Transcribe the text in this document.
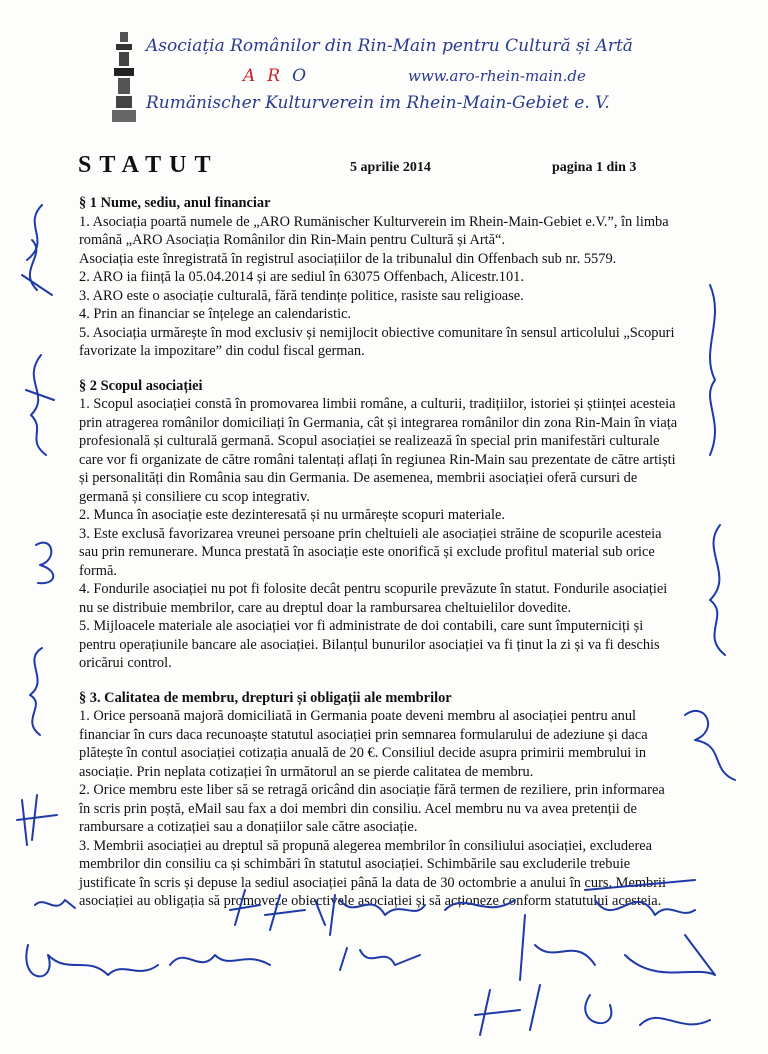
Asociația Românilor din Rin-Main pentru Cultură și Artă
ARO	www.aro-rhein-main.de
Rumänischer Kulturverein im Rhein-Main-Gebiet e. V.
STATUT	5 aprilie 2014	pagina 1 din 3

§ 1 Nume, sediu, anul financiar

1. Asociația poartă numele de „ARO Rumänischer Kulturverein im Rhein-Main-Gebiet e.V.”, în limba română „ARO Asociația Românilor din Rin-Main pentru Cultură și Artă“.

Asociația este înregistrată în registrul asociațiilor de la tribunalul din Offenbach sub nr. 5579.

2. ARO ia ființă la 05.04.2014 și are sediul în 63075 Offenbach, Alicestr.101.

3. ARO este o asociație culturală, fără tendințe politice, rasiste sau religioase.

4. Prin an financiar se înțelege an calendaristic.

5. Asociația urmărește în mod exclusiv și nemijlocit obiective comunitare în sensul articolului „Scopuri favorizate la impozitare” din codul fiscal german.

§ 2 Scopul asociației

1. Scopul asociației constă în promovarea limbii române, a culturii, tradițiilor, istoriei și științei acesteia prin atragerea românilor domiciliați în Germania, cât și integrarea românilor din zona Rin-Main în viața profesională și culturală germană. Scopul asociației se realizează în special prin manifestări culturale care vor fi organizate de către români talentați aflați în regiunea Rin-Main sau prezentate de către artiști și personalități din România sau din Germania. De asemenea, membrii asociației oferă cursuri de germană și consiliere cu scop integrativ.

2. Munca în asociație este dezinteresată și nu urmărește scopuri materiale.

3. Este exclusă favorizarea vreunei persoane prin cheltuieli ale asociației străine de scopurile acesteia sau prin remunerare. Munca prestată în asociație este onorifică și exclude profitul material sub orice formă.

4. Fondurile asociației nu pot fi folosite decât pentru scopurile prevăzute în statut. Fondurile asociației nu se distribuie membrilor, care au dreptul doar la rambursarea cheltuielilor dovedite.

5. Mijloacele materiale ale asociației vor fi administrate de doi contabili, care sunt împuterniciți și pentru operațiunile bancare ale asociației. Bilanțul bunurilor asociației va fi ținut la zi și va fi deschis oricărui control.

§ 3. Calitatea de membru, drepturi și obligații ale membrilor

1. Orice persoană majoră domiciliată in Germania poate deveni membru al asociației pentru anul financiar în curs daca recunoaște statutul asociației prin semnarea formularului de adeziune și daca plătește în contul asociației cotizația anuală de 20 €. Consiliul decide asupra primirii membrului in asociație. Prin neplata cotizației în următorul an se pierde calitatea de membru.

2. Orice membru este liber să se retragă oricând din asociație fără termen de reziliere, prin informarea în scris prin poștă, eMail sau fax a doi membri din consiliu. Acel membru nu va avea pretenții de rambursare a cotizației sau a donațiilor sale către asociație.

3. Membrii asociației au dreptul să propună alegerea membrilor în consiliului asociației, excluderea membrilor din consiliu ca și schimbări în statutul asociației. Schimbările sau excluderile trebuie justificate în scris și depuse la sediul asociației până la data de 30 octombrie a anului în curs. Membrii asociației au obligația să promoveze obiectivele asociației și să acționeze conform statutului acesteia.
